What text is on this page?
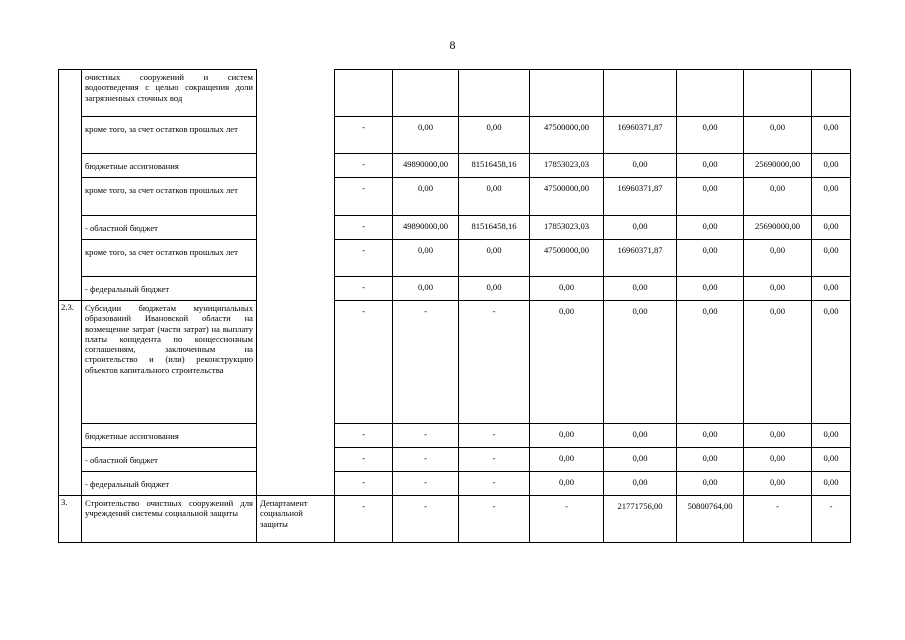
8
	очистных сооружений и систем водоотведения с целью сокращения доли загрязненных сточных вод									
	кроме того, за счет остатков прошлых лет		-	0,00	0,00	47500000,00	16960371,87	0,00	0,00	0,00
	бюджетные ассигнования		-	49890000,00	81516458,16	17853023,03	0,00	0,00	25690000,00	0,00
	кроме того, за счет остатков прошлых лет		-	0,00	0,00	47500000,00	16960371,87	0,00	0,00	0,00
	- областной бюджет		-	49890000,00	81516458,16	17853023,03	0,00	0,00	25690000,00	0,00
	кроме того, за счет остатков прошлых лет		-	0,00	0,00	47500000,00	16960371,87	0,00	0,00	0,00
	- федеральный бюджет		-	0,00	0,00	0,00	0,00	0,00	0,00	0,00
2.3.	Субсидии бюджетам муниципальных образований Ивановской области на возмещение затрат (части затрат) на выплату платы концедента по концессионным соглашениям, заключенным на строительство и (или) реконструкцию объектов капитального строительства		-	-	-	0,00	0,00	0,00	0,00	0,00
	бюджетные ассигнования		-	-	-	0,00	0,00	0,00	0,00	0,00
	- областной бюджет		-	-	-	0,00	0,00	0,00	0,00	0,00
	- федеральный бюджет		-	-	-	0,00	0,00	0,00	0,00	0,00
3.	Строительство очистных сооружений для учреждений системы социальной защиты	Департамент социальной защиты	-	-	-	-	21771756,00	50800764,00	-	-
